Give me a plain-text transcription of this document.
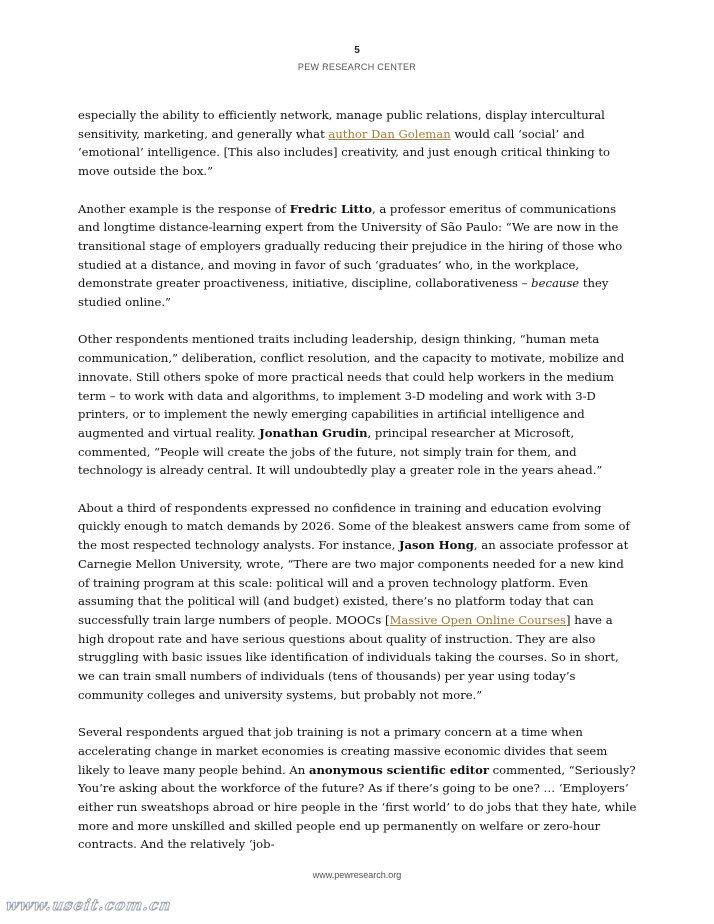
5
PEW RESEARCH CENTER

especially the ability to efficiently network, manage public relations, display intercultural sensitivity, marketing, and generally what author Dan Goleman would call ‘social’ and ‘emotional’ intelligence. [This also includes] creativity, and just enough critical thinking to move outside the box.”

Another example is the response of Fredric Litto, a professor emeritus of communications and longtime distance-learning expert from the University of São Paulo: “We are now in the transitional stage of employers gradually reducing their prejudice in the hiring of those who studied at a distance, and moving in favor of such ‘graduates’ who, in the workplace, demonstrate greater proactiveness, initiative, discipline, collaborativeness – because they studied online.”

Other respondents mentioned traits including leadership, design thinking, “human meta communication,” deliberation, conflict resolution, and the capacity to motivate, mobilize and innovate. Still others spoke of more practical needs that could help workers in the medium term – to work with data and algorithms, to implement 3-D modeling and work with 3-D printers, or to implement the newly emerging capabilities in artificial intelligence and augmented and virtual reality. Jonathan Grudin, principal researcher at Microsoft, commented, “People will create the jobs of the future, not simply train for them, and technology is already central. It will undoubtedly play a greater role in the years ahead.”

About a third of respondents expressed no confidence in training and education evolving quickly enough to match demands by 2026. Some of the bleakest answers came from some of the most respected technology analysts. For instance, Jason Hong, an associate professor at Carnegie Mellon University, wrote, “There are two major components needed for a new kind of training program at this scale: political will and a proven technology platform. Even assuming that the political will (and budget) existed, there’s no platform today that can successfully train large numbers of people. MOOCs [Massive Open Online Courses] have a high dropout rate and have serious questions about quality of instruction. They are also struggling with basic issues like identification of individuals taking the courses. So in short, we can train small numbers of individuals (tens of thousands) per year using today’s community colleges and university systems, but probably not more.”

Several respondents argued that job training is not a primary concern at a time when accelerating change in market economies is creating massive economic divides that seem likely to leave many people behind. An anonymous scientific editor commented, “Seriously? You’re asking about the workforce of the future? As if there’s going to be one? … ‘Employers’ either run sweatshops abroad or hire people in the ‘first world’ to do jobs that they hate, while more and more unskilled and skilled people end up permanently on welfare or zero-hour contracts. And the relatively ‘job-

www.pewresearch.org
www.useit.com.cn
